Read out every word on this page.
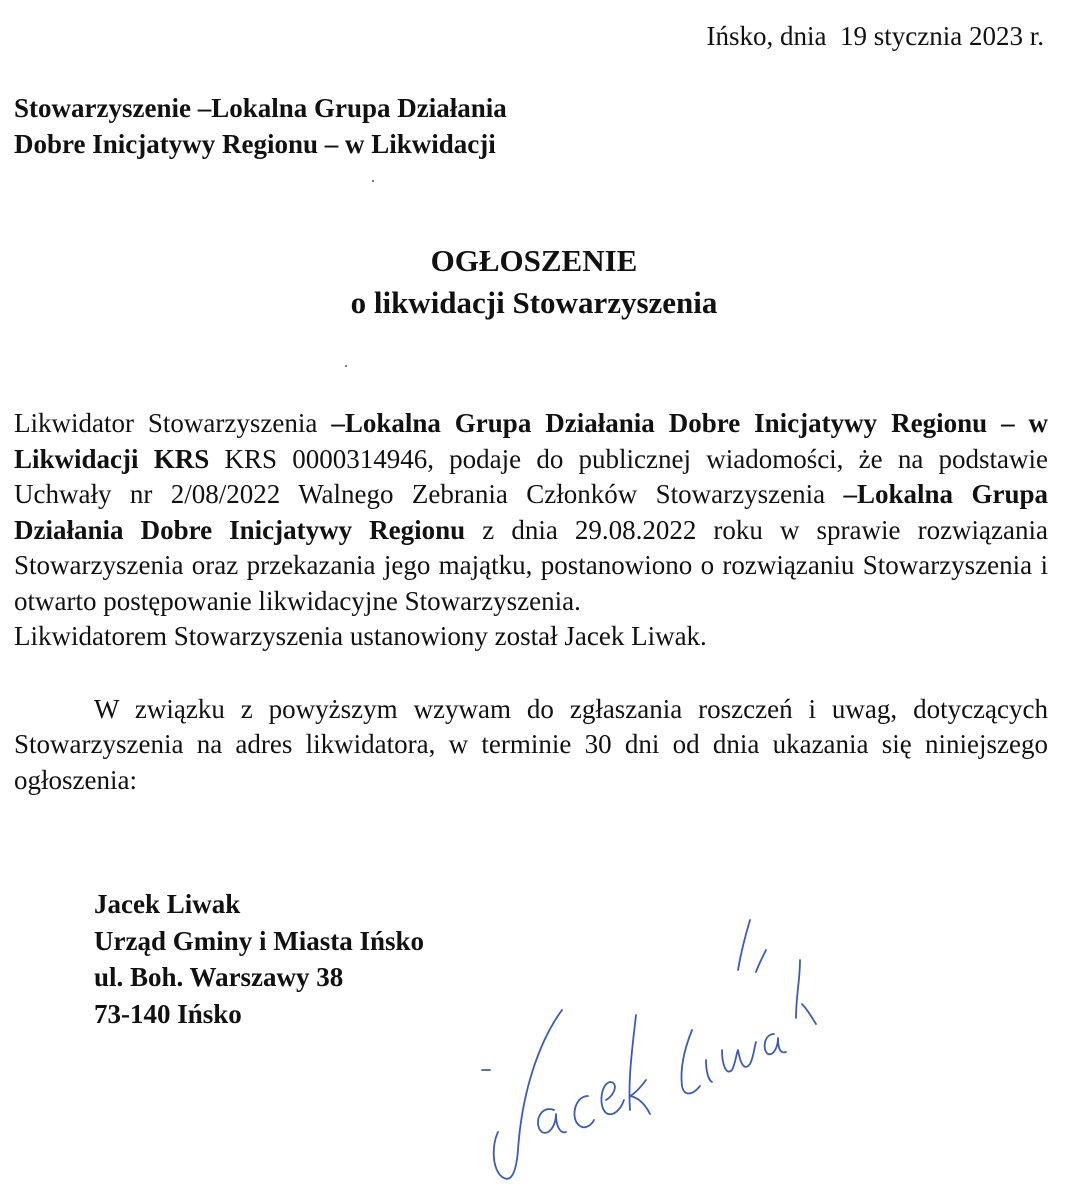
Ińsko, dnia  19 stycznia 2023 r.
Stowarzyszenie –Lokalna Grupa Działania
Dobre Inicjatywy Regionu – w Likwidacji
OGŁOSZENIE
o likwidacji Stowarzyszenia

Likwidator Stowarzyszenia –Lokalna Grupa Działania Dobre Inicjatywy Regionu – w Likwidacji KRS KRS 0000314946, podaje do publicznej wiadomości, że na podstawie Uchwały nr 2/08/2022 Walnego Zebrania Członków Stowarzyszenia –Lokalna Grupa Działania Dobre Inicjatywy Regionu z dnia 29.08.2022 roku w sprawie rozwiązania Stowarzyszenia oraz przekazania jego majątku, postanowiono o rozwiązaniu Stowarzyszenia i otwarto postępowanie likwidacyjne Stowarzyszenia.

Likwidatorem Stowarzyszenia ustanowiony został Jacek Liwak.

W związku z powyższym wzywam do zgłaszania roszczeń i uwag, dotyczących Stowarzyszenia na adres likwidatora, w terminie 30 dni od dnia ukazania się niniejszego ogłoszenia:

Jacek Liwak
Urząd Gminy i Miasta Ińsko
ul. Boh. Warszawy 38
73-140 Ińsko
